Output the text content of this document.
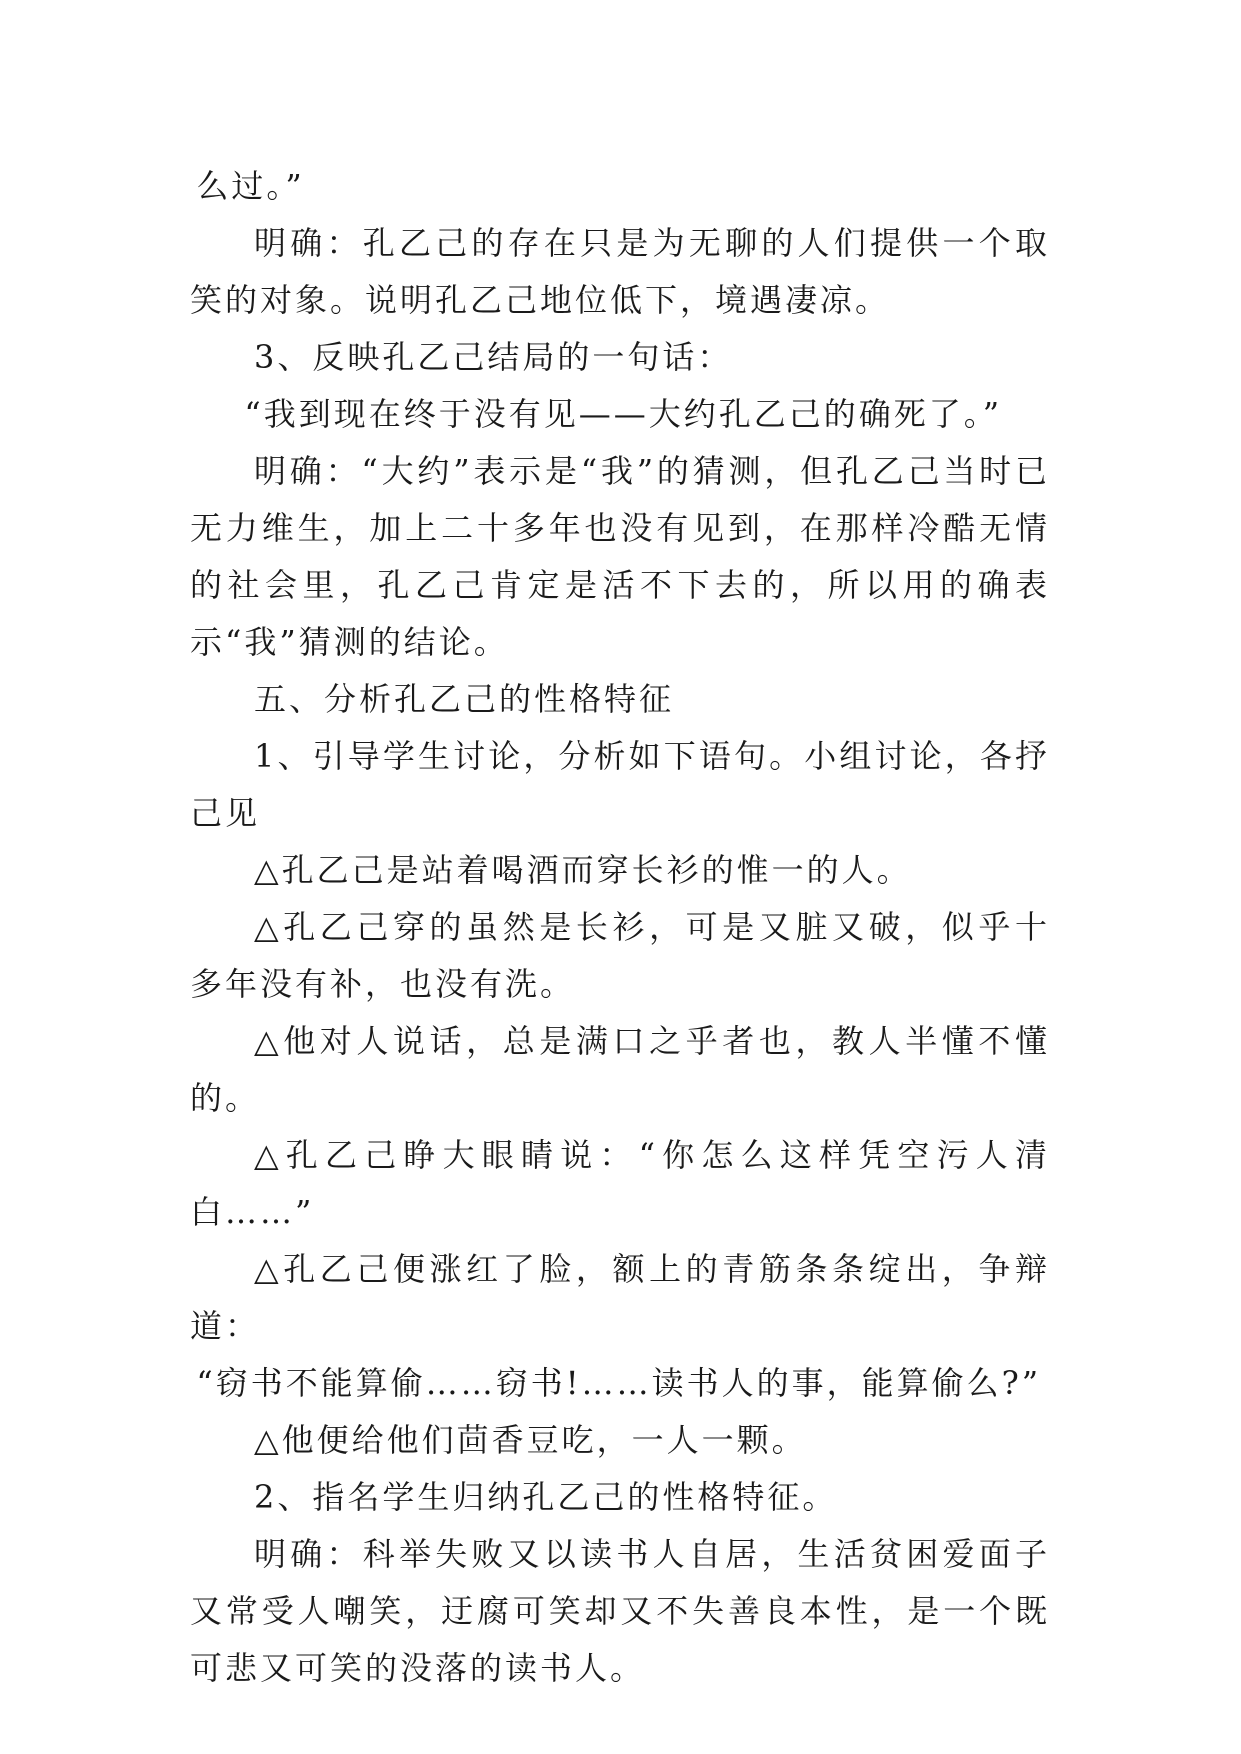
么过。”

明确：孔乙己的存在只是为无聊的人们提供一个取笑的对象。说明孔乙己地位低下，境遇凄凉。

3、反映孔乙己结局的一句话：

“我到现在终于没有见——大约孔乙己的确死了。”

明确：“大约”表示是“我”的猜测，但孔乙己当时已无力维生，加上二十多年也没有见到，在那样冷酷无情的社会里，孔乙己肯定是活不下去的，所以用的确表示“我”猜测的结论。

五、分析孔乙己的性格特征

1、引导学生讨论，分析如下语句。小组讨论，各抒己见

△孔乙己是站着喝酒而穿长衫的惟一的人。

△孔乙己穿的虽然是长衫，可是又脏又破，似乎十多年没有补，也没有洗。

△他对人说话，总是满口之乎者也，教人半懂不懂的。

△孔乙己睁大眼睛说：“你怎么这样凭空污人清白……”

△孔乙己便涨红了脸，额上的青筋条条绽出，争辩道：

“窃书不能算偷……窃书!……读书人的事，能算偷么?”

△他便给他们茴香豆吃，一人一颗。

2、指名学生归纳孔乙己的性格特征。

明确：科举失败又以读书人自居，生活贫困爱面子又常受人嘲笑，迂腐可笑却又不失善良本性，是一个既可悲又可笑的没落的读书人。
